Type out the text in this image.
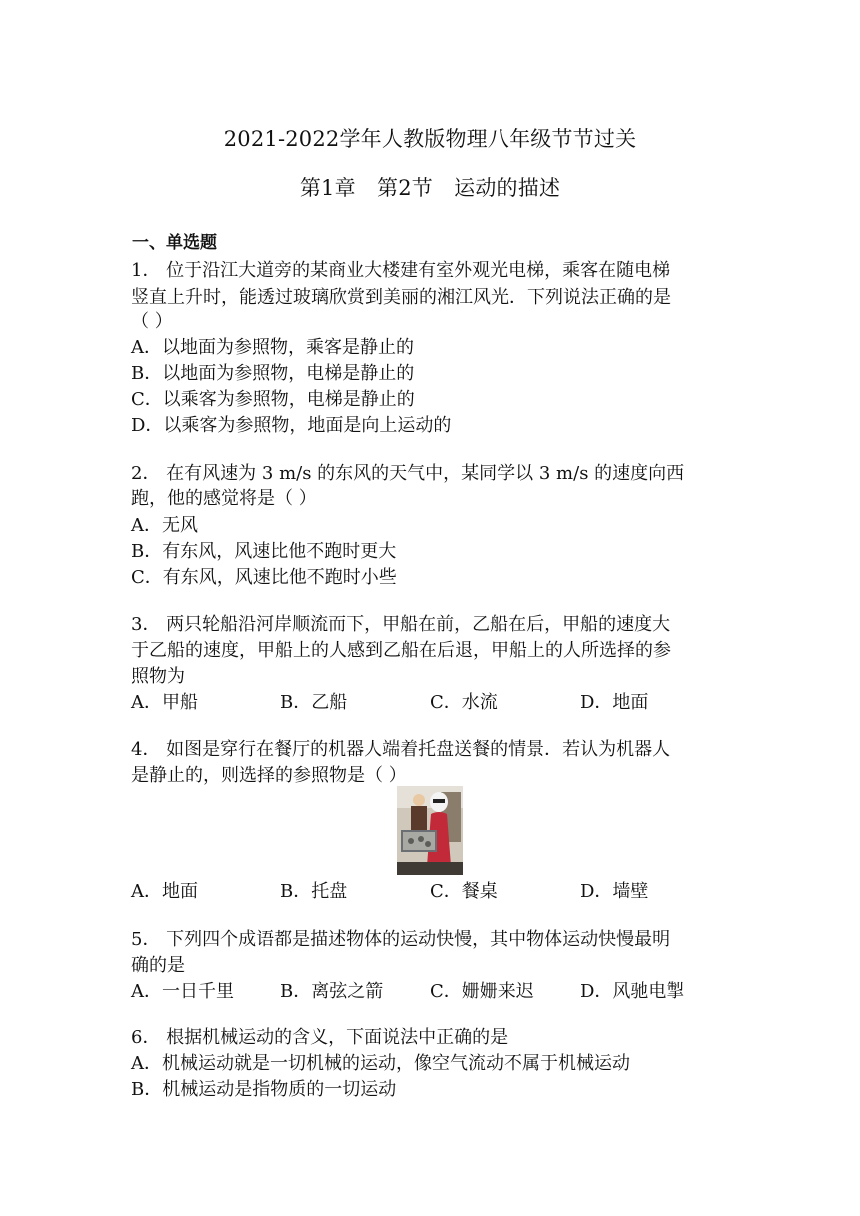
2021-2022学年人教版物理八年级节节过关
第1章　第2节　运动的描述
一、单选题
1． 位于沿江大道旁的某商业大楼建有室外观光电梯，乘客在随电梯
竖直上升时，能透过玻璃欣赏到美丽的湘江风光．下列说法正确的是
（ ）
A．以地面为参照物，乘客是静止的
B．以地面为参照物，电梯是静止的
C．以乘客为参照物，电梯是静止的
D．以乘客为参照物，地面是向上运动的
2． 在有风速为 3 m/s 的东风的天气中，某同学以 3 m/s 的速度向西
跑，他的感觉将是（ ）
A．无风
B．有东风，风速比他不跑时更大
C．有东风，风速比他不跑时小些
3． 两只轮船沿河岸顺流而下，甲船在前，乙船在后，甲船的速度大
于乙船的速度，甲船上的人感到乙船在后退，甲船上的人所选择的参
照物为
A．甲船	B．乙船	C．水流	D．地面
4． 如图是穿行在餐厅的机器人端着托盘送餐的情景．若认为机器人
是静止的，则选择的参照物是（ ）
A．地面	B．托盘	C．餐桌	D．墙壁
5． 下列四个成语都是描述物体的运动快慢，其中物体运动快慢最明
确的是
A．一日千里	B．离弦之箭	C．姗姗来迟	D．风驰电掣
6． 根据机械运动的含义，下面说法中正确的是
A．机械运动就是一切机械的运动，像空气流动不属于机械运动
B．机械运动是指物质的一切运动
